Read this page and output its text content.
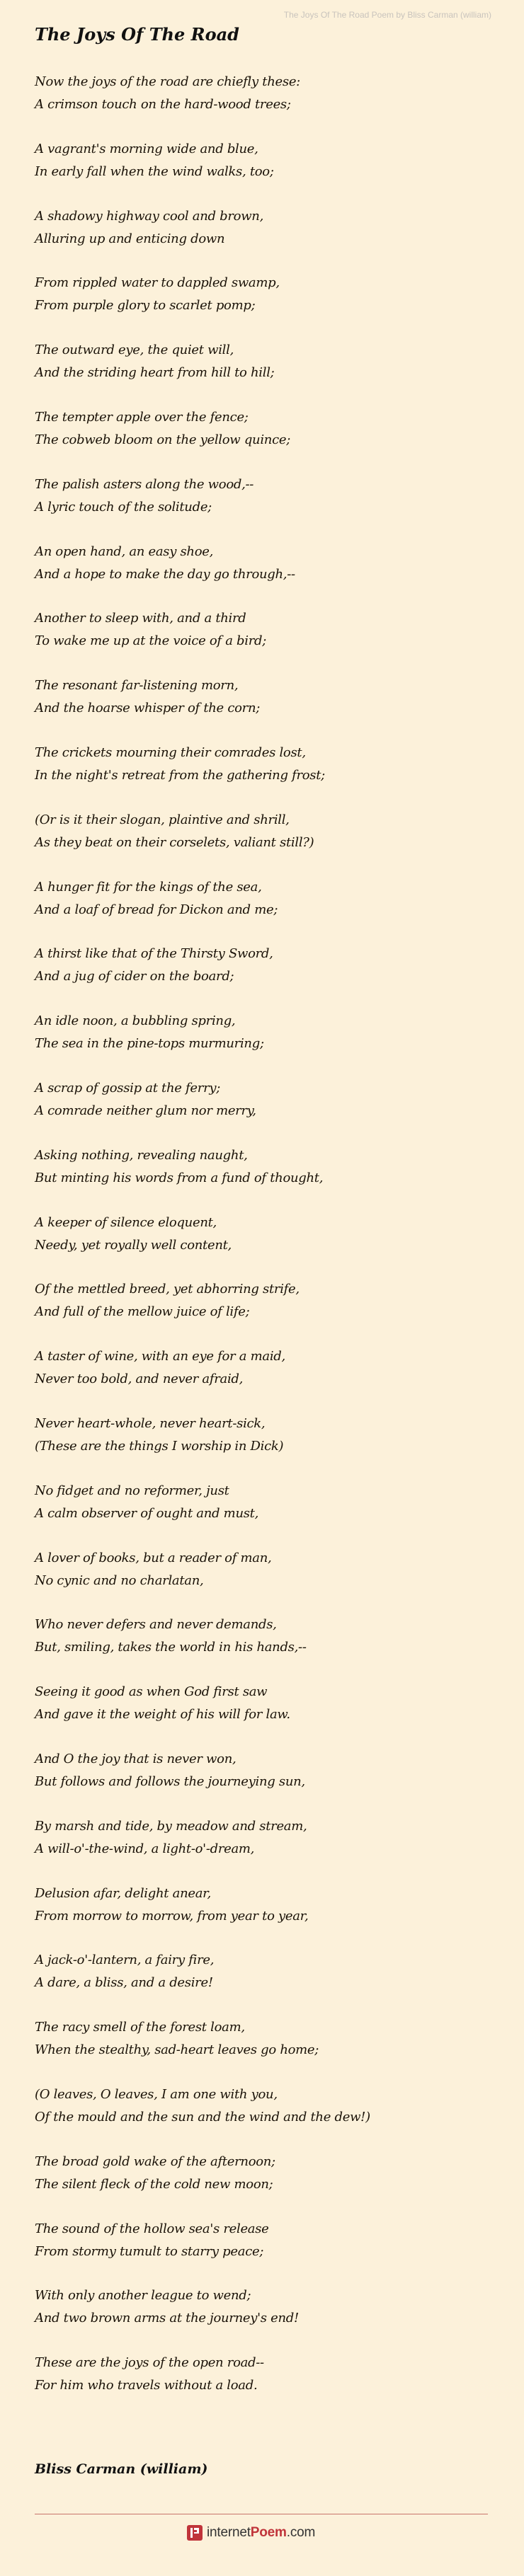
The Joys Of The Road Poem by Bliss Carman (william)

The Joys Of The Road

Now the joys of the road are chiefly these:
A crimson touch on the hard-wood trees;

A vagrant's morning wide and blue,
In early fall when the wind walks, too;

A shadowy highway cool and brown,
Alluring up and enticing down

From rippled water to dappled swamp,
From purple glory to scarlet pomp;

The outward eye, the quiet will,
And the striding heart from hill to hill;

The tempter apple over the fence;
The cobweb bloom on the yellow quince;

The palish asters along the wood,--
A lyric touch of the solitude;

An open hand, an easy shoe,
And a hope to make the day go through,--

Another to sleep with, and a third
To wake me up at the voice of a bird;

The resonant far-listening morn,
And the hoarse whisper of the corn;

The crickets mourning their comrades lost,
In the night's retreat from the gathering frost;

(Or is it their slogan, plaintive and shrill,
As they beat on their corselets, valiant still?)

A hunger fit for the kings of the sea,
And a loaf of bread for Dickon and me;

A thirst like that of the Thirsty Sword,
And a jug of cider on the board;

An idle noon, a bubbling spring,
The sea in the pine-tops murmuring;

A scrap of gossip at the ferry;
A comrade neither glum nor merry,

Asking nothing, revealing naught,
But minting his words from a fund of thought,

A keeper of silence eloquent,
Needy, yet royally well content,

Of the mettled breed, yet abhorring strife,
And full of the mellow juice of life;

A taster of wine, with an eye for a maid,
Never too bold, and never afraid,

Never heart-whole, never heart-sick,
(These are the things I worship in Dick)

No fidget and no reformer, just
A calm observer of ought and must,

A lover of books, but a reader of man,
No cynic and no charlatan,

Who never defers and never demands,
But, smiling, takes the world in his hands,--

Seeing it good as when God first saw
And gave it the weight of his will for law.

And O the joy that is never won,
But follows and follows the journeying sun,

By marsh and tide, by meadow and stream,
A will-o'-the-wind, a light-o'-dream,

Delusion afar, delight anear,
From morrow to morrow, from year to year,

A jack-o'-lantern, a fairy fire,
A dare, a bliss, and a desire!

The racy smell of the forest loam,
When the stealthy, sad-heart leaves go home;

(O leaves, O leaves, I am one with you,
Of the mould and the sun and the wind and the dew!)

The broad gold wake of the afternoon;
The silent fleck of the cold new moon;

The sound of the hollow sea's release
From stormy tumult to starry peace;

With only another league to wend;
And two brown arms at the journey's end!

These are the joys of the open road--
For him who travels without a load.

Bliss Carman (william)

internetPoem.com
